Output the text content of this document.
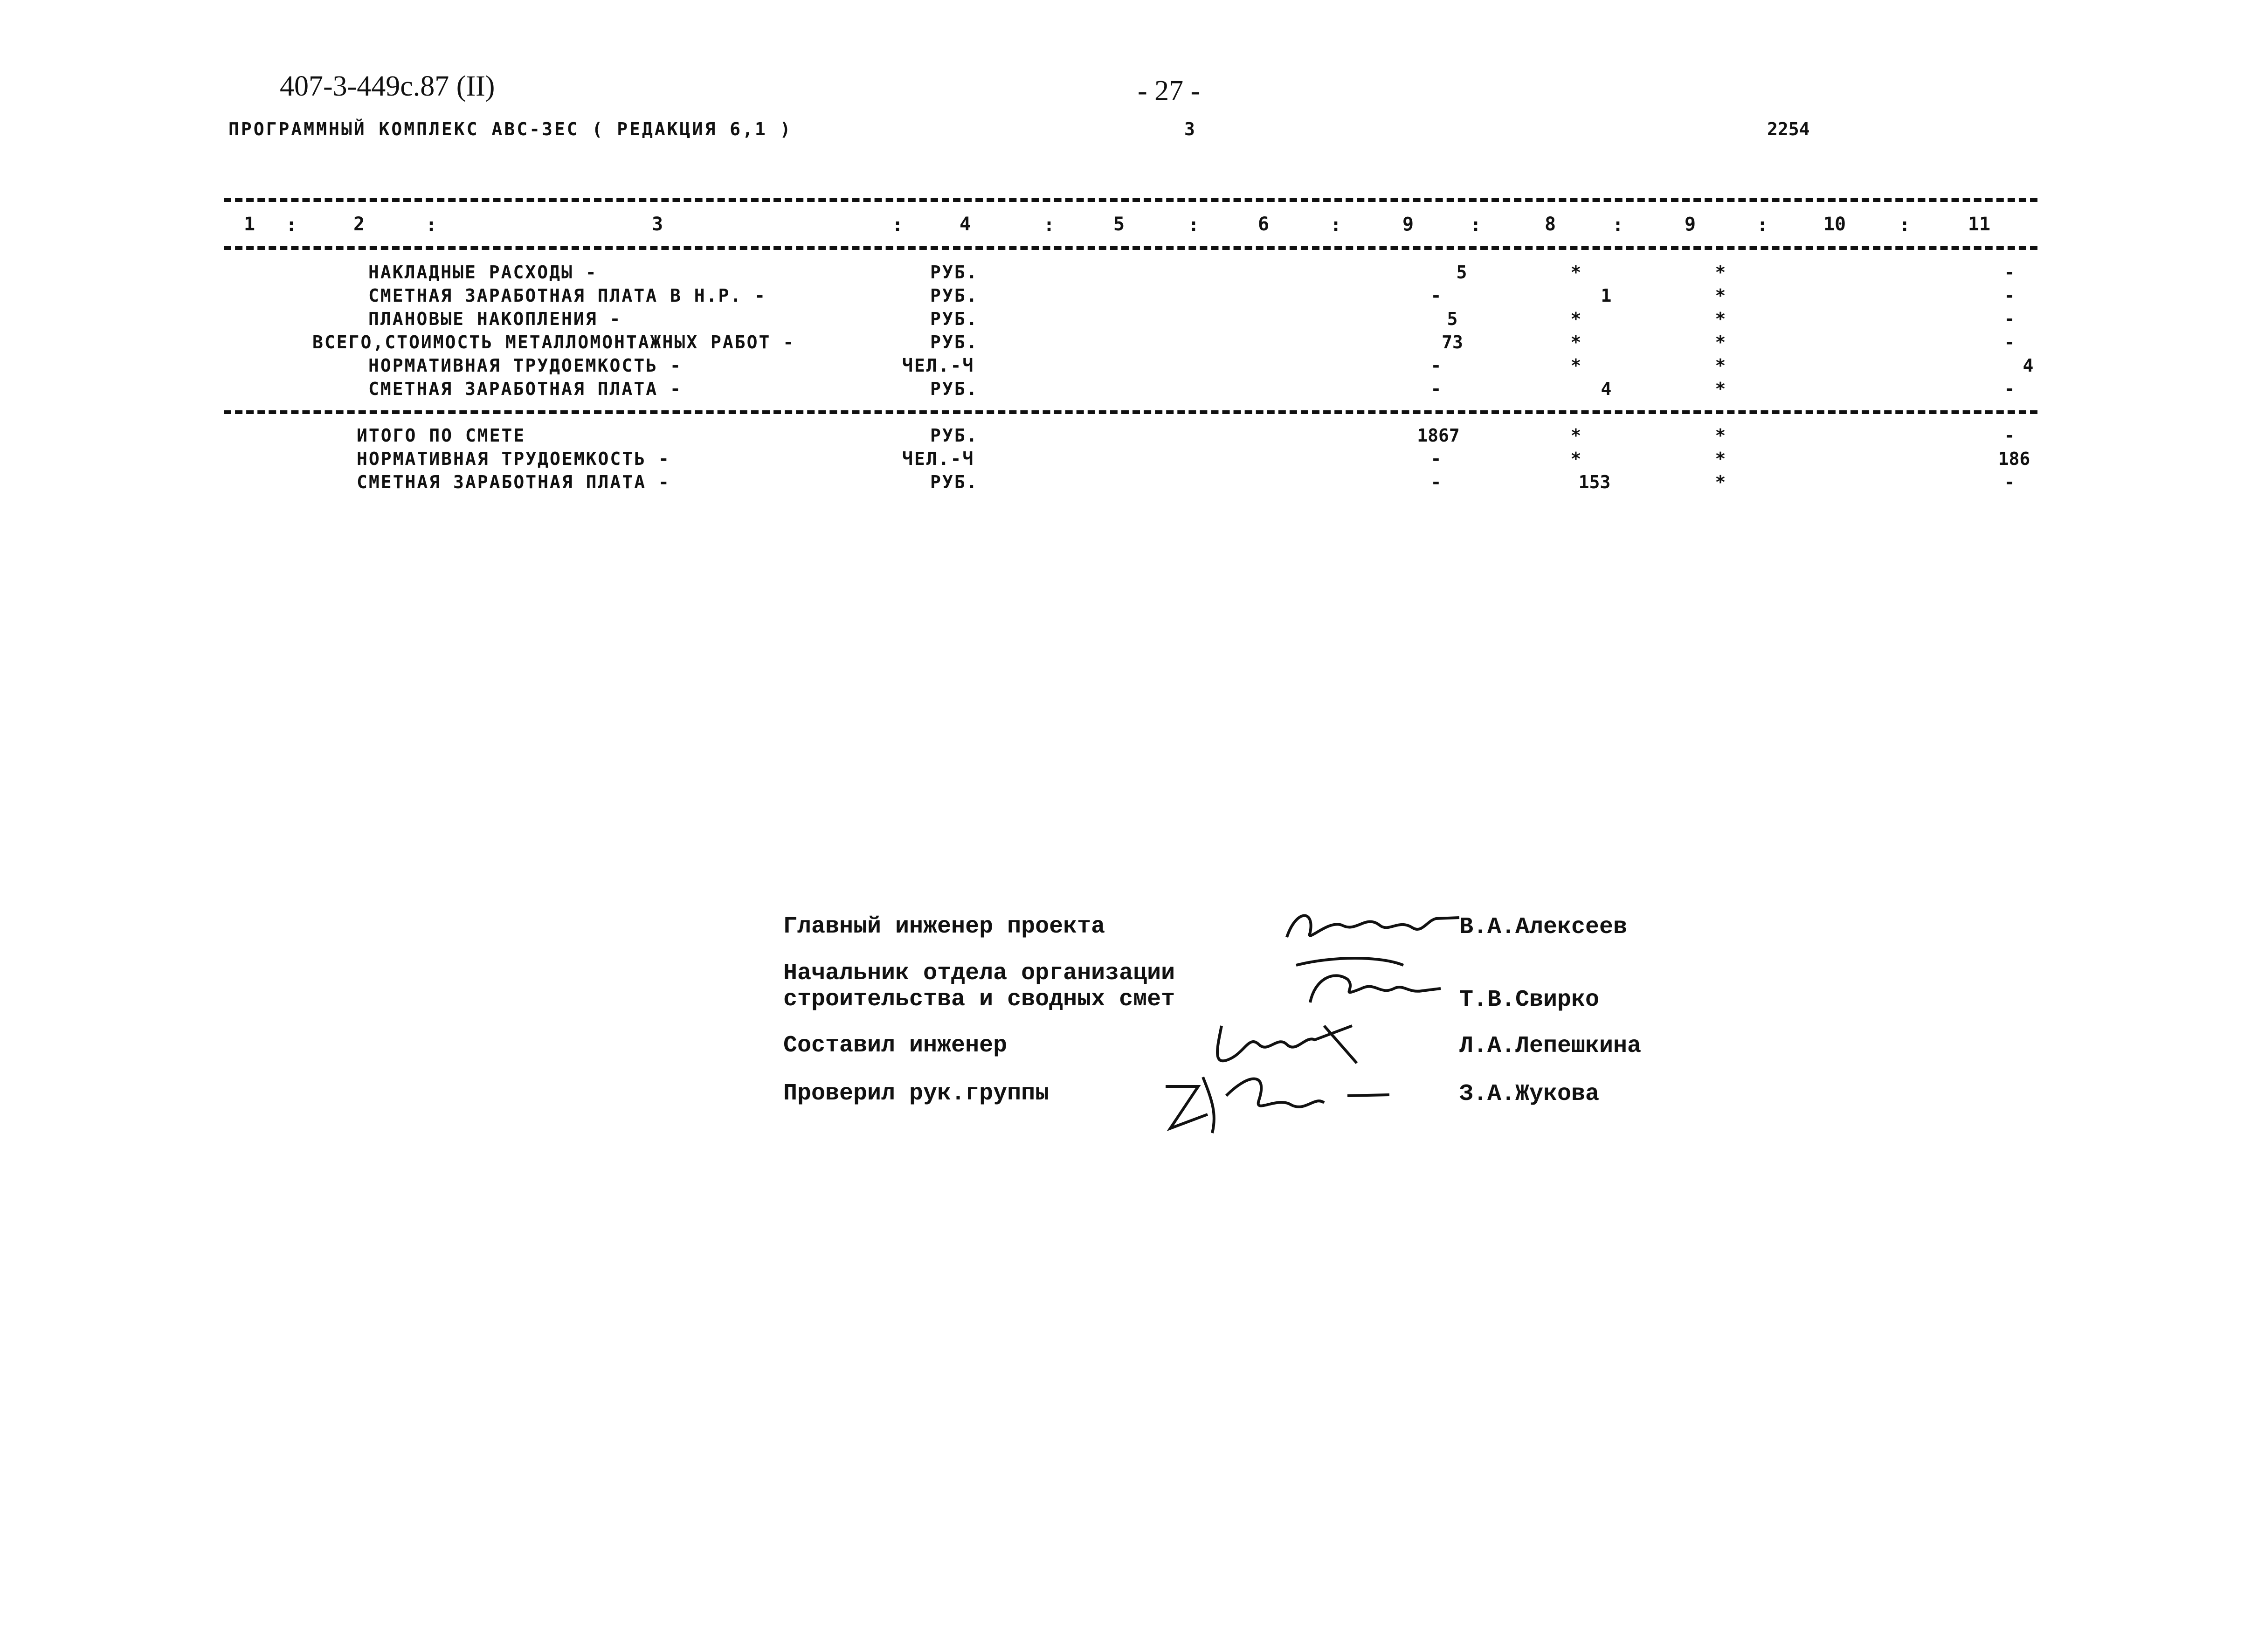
407-3-449с.87 (II)	- 27 -
ПРОГРАММНЫЙ КОМПЛЕКС АВС-3ЕС ( РЕДАКЦИЯ 6,1 )	3	2254
1 :	2	:	3	:	4	:	5	:	6	:	9	:	8	:	9	:	10	:	11
НАКЛАДНЫЕ РАСХОДЫ -	РУБ.	5	*	*	-
СМЕТНАЯ ЗАРАБОТНАЯ ПЛАТА В Н.Р. -	РУБ.	-	1	*	-
ПЛАНОВЫЕ НАКОПЛЕНИЯ -	РУБ.	5	*	*	-
ВСЕГО,СТОИМОСТЬ МЕТАЛЛОМОНТАЖНЫХ РАБОТ -	РУБ.	73	*	*	-
НОРМАТИВНАЯ ТРУДОЕМКОСТЬ -	ЧЕЛ.-Ч	-	*	*	4
СМЕТНАЯ ЗАРАБОТНАЯ ПЛАТА -	РУБ.	-	4	*	-
ИТОГО ПО СМЕТЕ	РУБ.	1867	*	*	-
НОРМАТИВНАЯ ТРУДОЕМКОСТЬ -	ЧЕЛ.-Ч	-	*	*	186
СМЕТНАЯ ЗАРАБОТНАЯ ПЛАТА -	РУБ.	-	153	*	-
Главный инженер проекта	В.А.Алексеев
Начальник отдела организации
строительства и сводных смет	Т.В.Свирко
Составил инженер	Л.А.Лепешкина
Проверил рук.группы	З.А.Жукова
